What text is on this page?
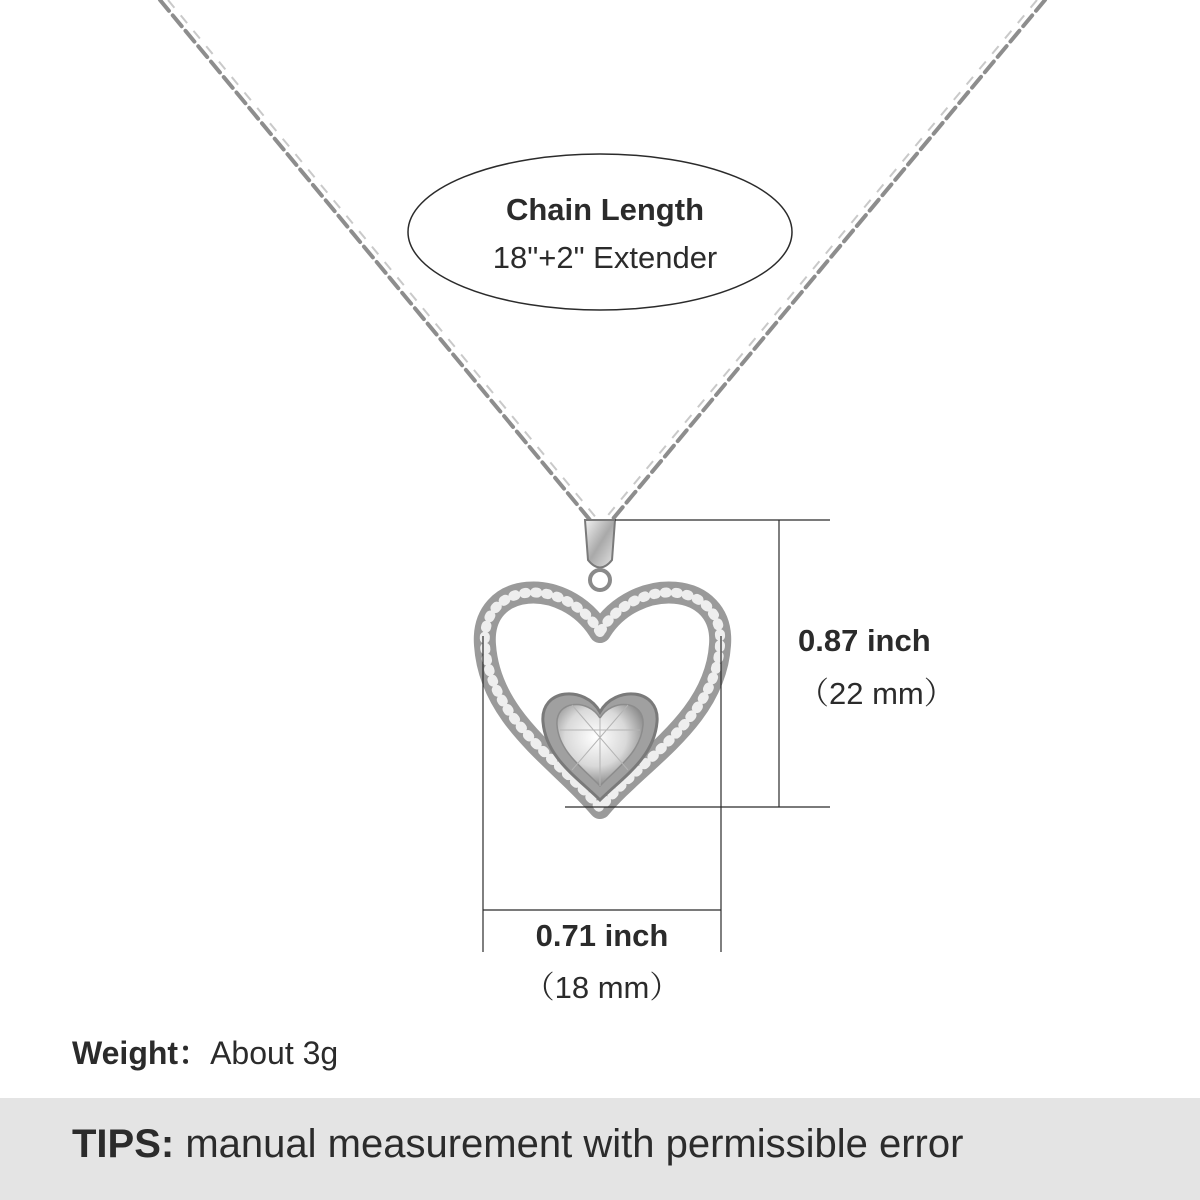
Chain Length
18"+2" Extender
0.87 inch
（22 mm）
0.71 inch
（18 mm）
Weight：About 3g
TIPS: manual measurement with permissible error
